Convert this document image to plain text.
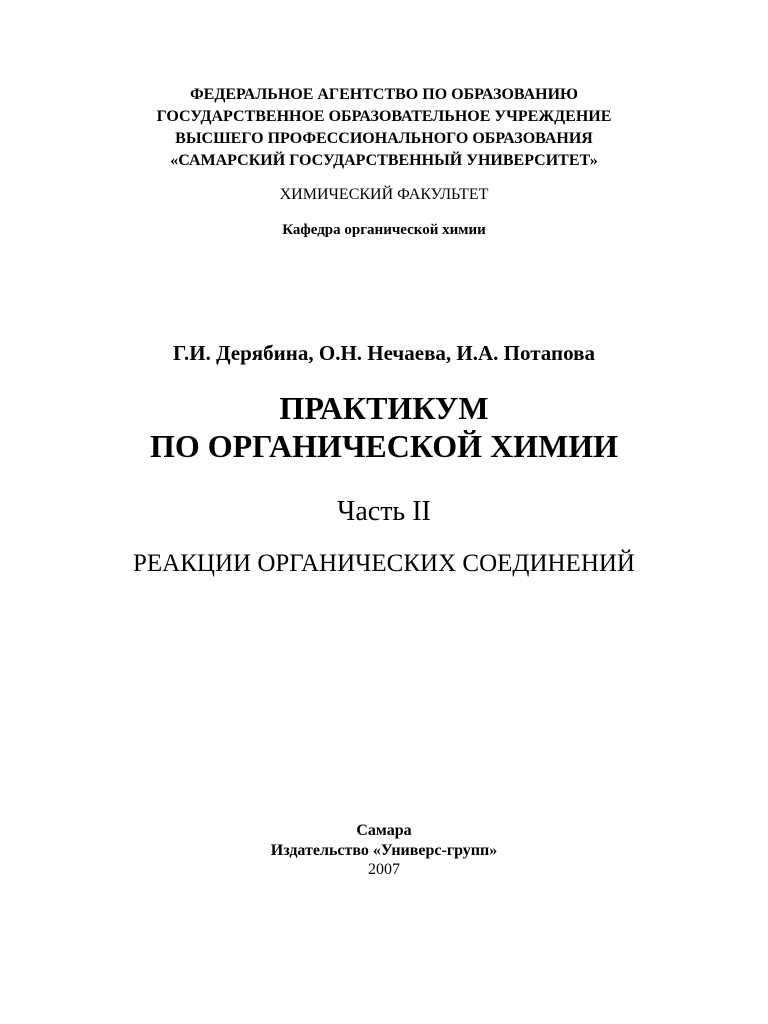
ФЕДЕРАЛЬНОЕ АГЕНТСТВО ПО ОБРАЗОВАНИЮ
ГОСУДАРСТВЕННОЕ ОБРАЗОВАТЕЛЬНОЕ УЧРЕЖДЕНИЕ
ВЫСШЕГО ПРОФЕССИОНАЛЬНОГО ОБРАЗОВАНИЯ
«САМАРСКИЙ ГОСУДАРСТВЕННЫЙ УНИВЕРСИТЕТ»
ХИМИЧЕСКИЙ ФАКУЛЬТЕТ
Кафедра органической химии
Г.И. Дерябина, О.Н. Нечаева, И.А. Потапова
ПРАКТИКУМ
ПО ОРГАНИЧЕСКОЙ ХИМИИ
Часть II
РЕАКЦИИ ОРГАНИЧЕСКИХ СОЕДИНЕНИЙ
Самара
Издательство «Универс-групп»
2007
